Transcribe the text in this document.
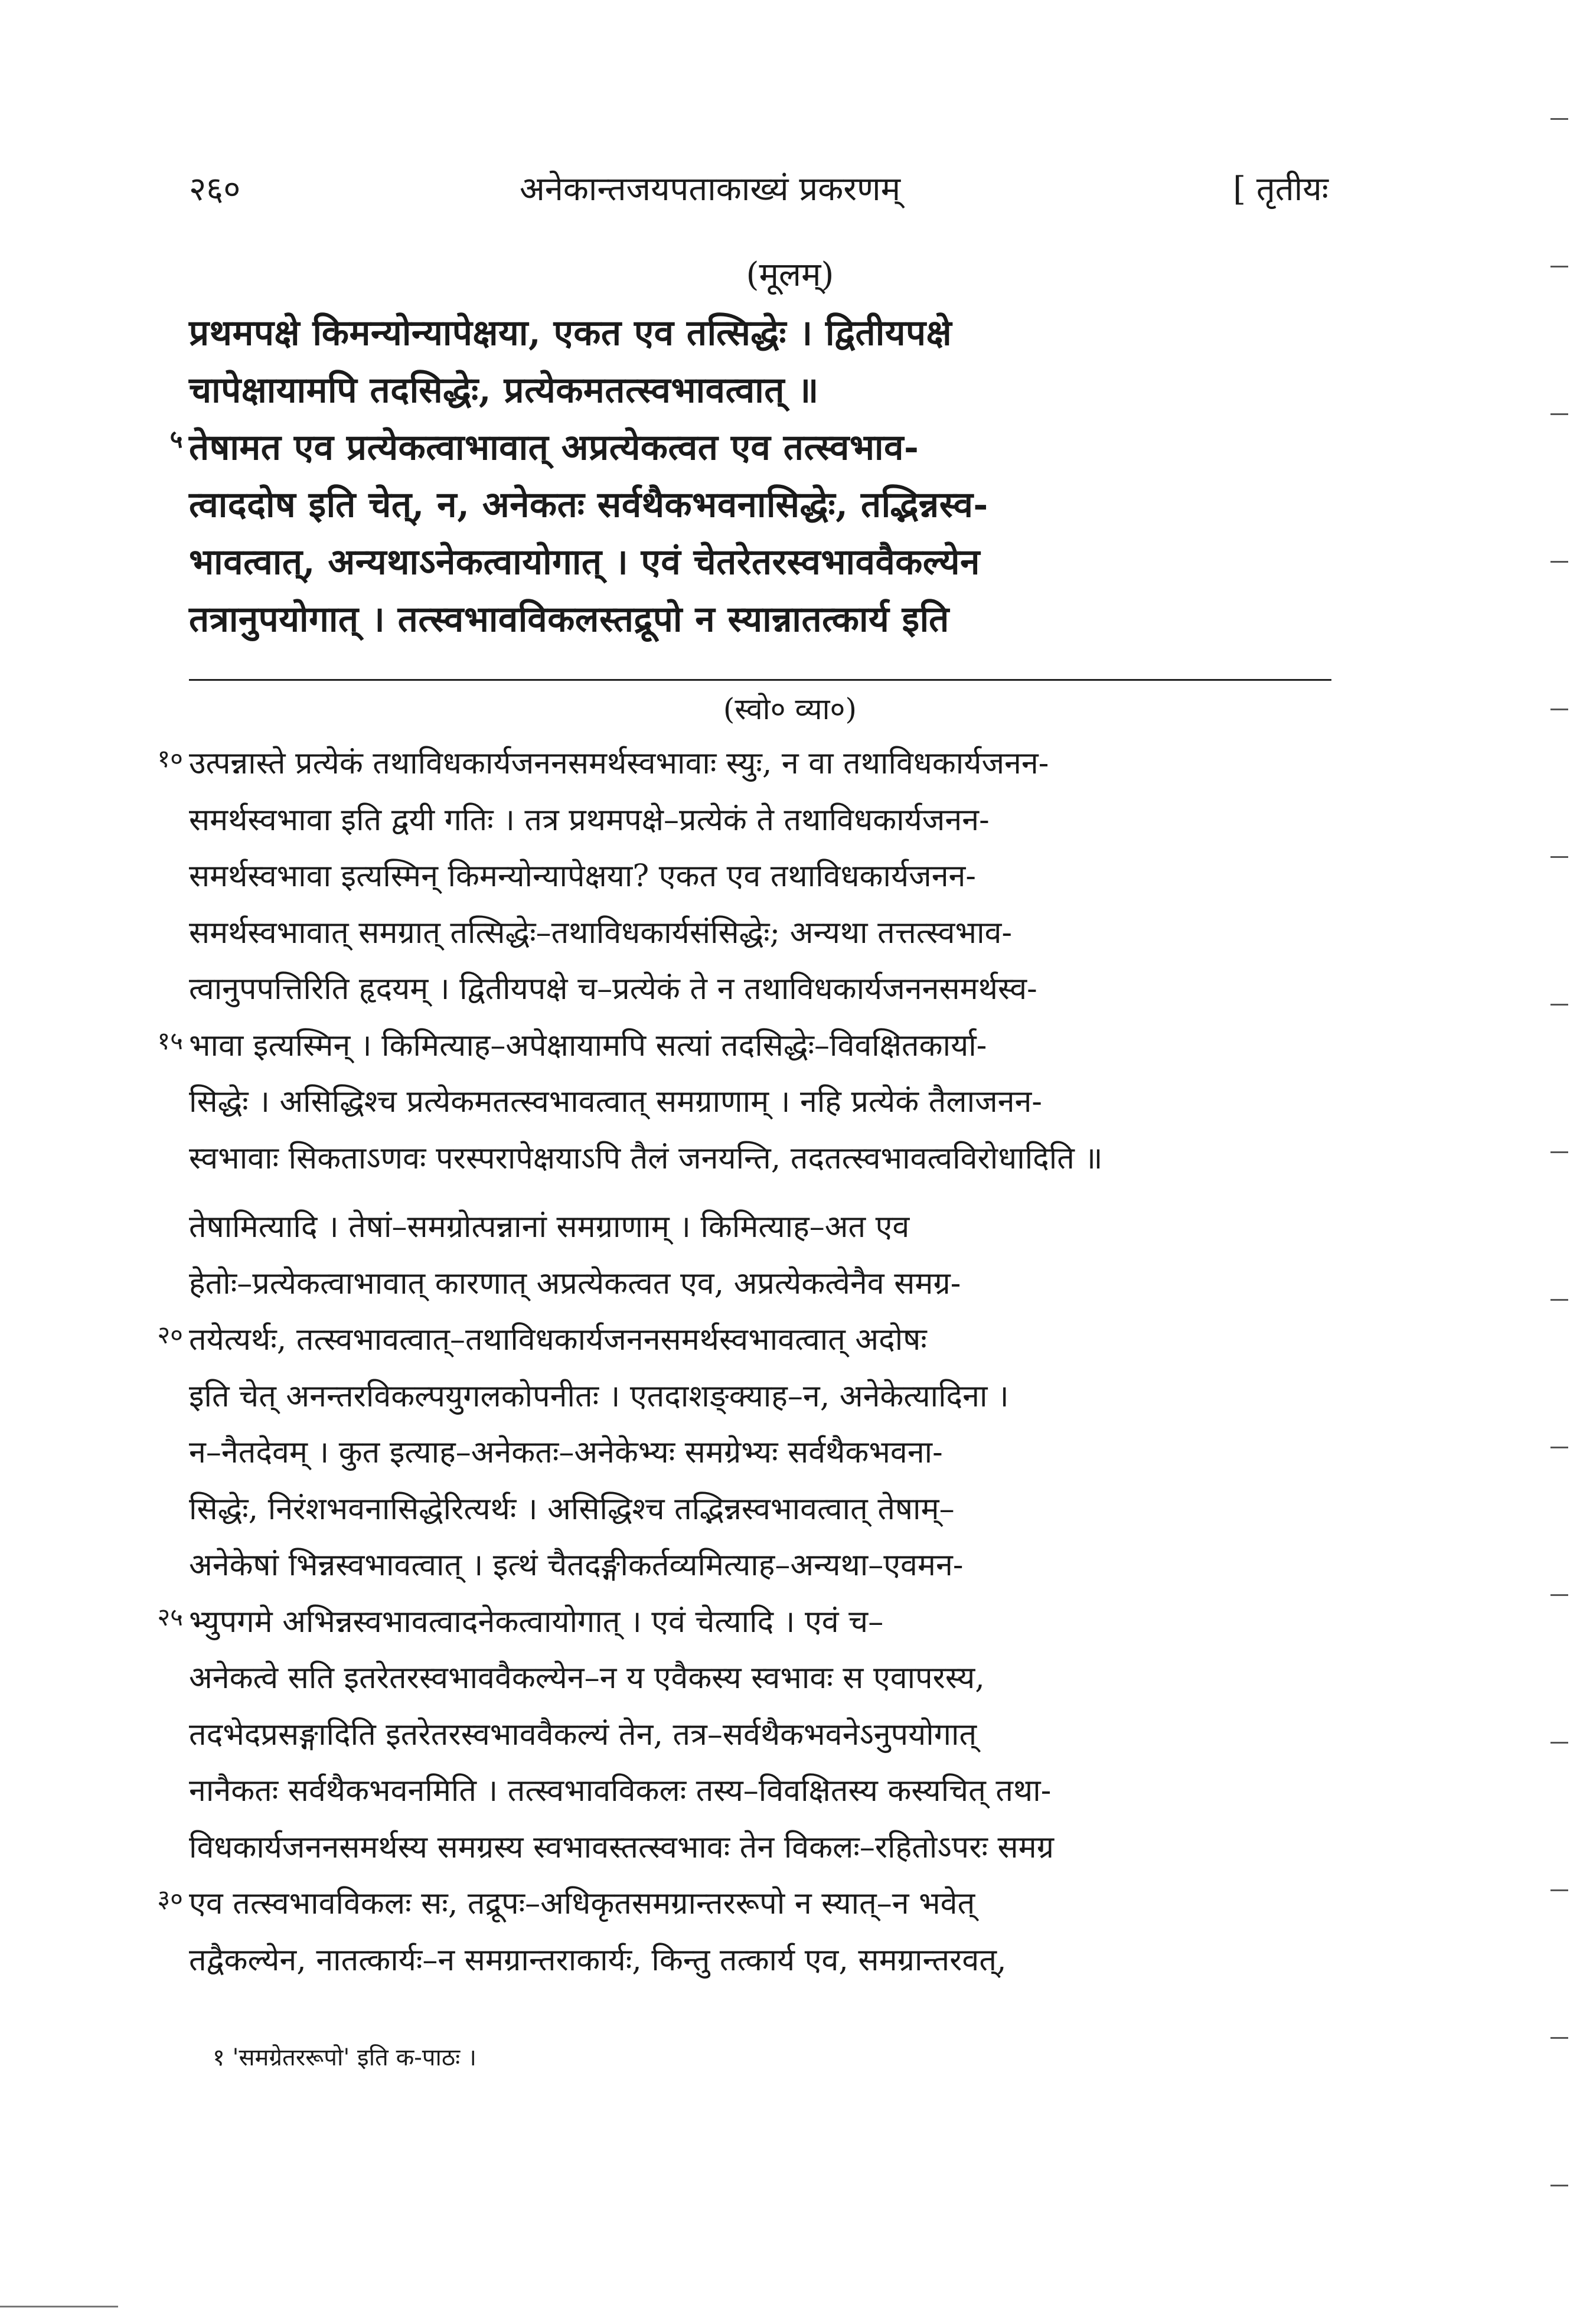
२६०	अनेकान्तजयपताकाख्यं प्रकरणम्	[ तृतीयः
(मूलम्)
प्रथमपक्षे किमन्योन्यापेक्षया, एकत एव तत्सिद्धेः । द्वितीयपक्षे
चापेक्षायामपि तदसिद्धेः, प्रत्येकमतत्स्वभावत्वात् ॥
५ तेषामत एव प्रत्येकत्वाभावात् अप्रत्येकत्वत एव तत्स्वभाव-
त्वाददोष इति चेत्, न, अनेकतः सर्वथैकभवनासिद्धेः, तद्भिन्नस्व-
भावत्वात्, अन्यथाऽनेकत्वायोगात् । एवं चेतरेतरस्वभाववैकल्येन
तत्रानुपयोगात् । तत्स्वभावविकलस्तद्रूपो न स्यान्नातत्कार्य इति
(स्वो० व्या०)
१० उत्पन्नास्ते प्रत्येकं तथाविधकार्यजननसमर्थस्वभावाः स्युः, न वा तथाविधकार्यजनन-
समर्थस्वभावा इति द्वयी गतिः । तत्र प्रथमपक्षे–प्रत्येकं ते तथाविधकार्यजनन-
समर्थस्वभावा इत्यस्मिन् किमन्योन्यापेक्षया? एकत एव तथाविधकार्यजनन-
समर्थस्वभावात् समग्रात् तत्सिद्धेः–तथाविधकार्यसंसिद्धेः; अन्यथा तत्तत्स्वभाव-
त्वानुपपत्तिरिति हृदयम् । द्वितीयपक्षे च–प्रत्येकं ते न तथाविधकार्यजननसमर्थस्व-
१५ भावा इत्यस्मिन् । किमित्याह–अपेक्षायामपि सत्यां तदसिद्धेः–विवक्षितकार्या-
सिद्धेः । असिद्धिश्च प्रत्येकमतत्स्वभावत्वात् समग्राणाम् । नहि प्रत्येकं तैलाजनन-
स्वभावाः सिकताऽणवः परस्परापेक्षयाऽपि तैलं जनयन्ति, तदतत्स्वभावत्वविरोधादिति ॥
तेषामित्यादि । तेषां–समग्रोत्पन्नानां समग्राणाम् । किमित्याह–अत एव
हेतोः–प्रत्येकत्वाभावात् कारणात् अप्रत्येकत्वत एव, अप्रत्येकत्वेनैव समग्र-
२० तयेत्यर्थः, तत्स्वभावत्वात्–तथाविधकार्यजननसमर्थस्वभावत्वात् अदोषः
इति चेत् अनन्तरविकल्पयुगलकोपनीतः । एतदाशङ्क्याह–न, अनेकेत्यादिना ।
न–नैतदेवम् । कुत इत्याह–अनेकतः–अनेकेभ्यः समग्रेभ्यः सर्वथैकभवना-
सिद्धेः, निरंशभवनासिद्धेरित्यर्थः । असिद्धिश्च तद्भिन्नस्वभावत्वात् तेषाम्–
अनेकेषां भिन्नस्वभावत्वात् । इत्थं चैतदङ्गीकर्तव्यमित्याह–अन्यथा–एवमन-
२५ भ्युपगमे अभिन्नस्वभावत्वादनेकत्वायोगात् । एवं चेत्यादि । एवं च–
अनेकत्वे सति इतरेतरस्वभाववैकल्येन–न य एवैकस्य स्वभावः स एवापरस्य,
तदभेदप्रसङ्गादिति इतरेतरस्वभाववैकल्यं तेन, तत्र–सर्वथैकभवनेऽनुपयोगात्
नानैकतः सर्वथैकभवनमिति । तत्स्वभावविकलः तस्य–विवक्षितस्य कस्यचित् तथा-
विधकार्यजननसमर्थस्य समग्रस्य स्वभावस्तत्स्वभावः तेन विकलः–रहितोऽपरः समग्र
३० एव तत्स्वभावविकलः सः, तद्रूपः–अधिकृतसमग्रान्तररूपो न स्यात्–न भवेत्
तद्वैकल्येन, नातत्कार्यः–न समग्रान्तराकार्यः, किन्तु तत्कार्य एव, समग्रान्तरवत्,
१ 'समग्रेतररूपो' इति क-पाठः ।
